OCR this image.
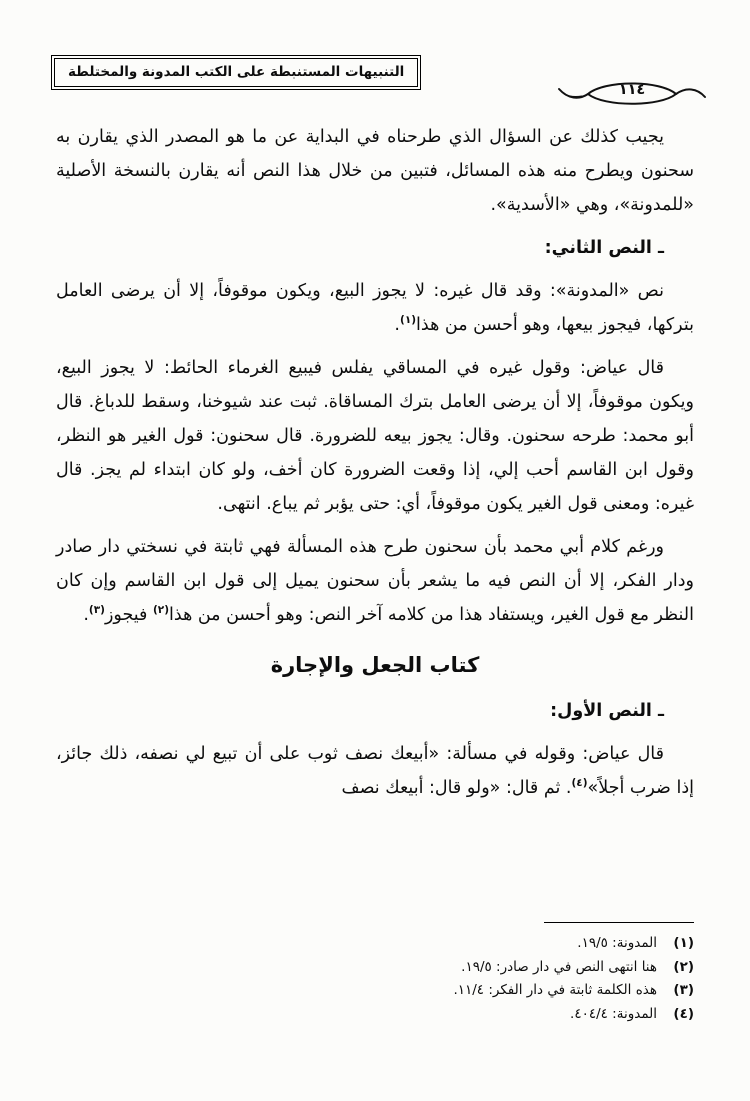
التنبيهات المستنبطة على الكتب المدونة والمختلطة
١١٤

يجيب كذلك عن السؤال الذي طرحناه في البداية عن ما هو المصدر الذي يقارن به سحنون ويطرح منه هذه المسائل، فتبين من خلال هذا النص أنه يقارن بالنسخة الأصلية «للمدونة»، وهي «الأسدية».

ـ النص الثاني:

نص «المدونة»: وقد قال غيره: لا يجوز البيع، ويكون موقوفاً، إلا أن يرضى العامل بتركها، فيجوز بيعها، وهو أحسن من هذا$^{(١)}$.

قال عياض: وقول غيره في المساقي يفلس فيبيع الغرماء الحائط: لا يجوز البيع، ويكون موقوفاً، إلا أن يرضى العامل بترك المساقاة. ثبت عند شيوخنا، وسقط للدباغ. قال أبو محمد: طرحه سحنون. وقال: يجوز بيعه للضرورة. قال سحنون: قول الغير هو النظر، وقول ابن القاسم أحب إلي، إذا وقعت الضرورة كان أخف، ولو كان ابتداء لم يجز. قال غيره: ومعنى قول الغير يكون موقوفاً، أي: حتى يؤبر ثم يباع. انتهى.

ورغم كلام أبي محمد بأن سحنون طرح هذه المسألة فهي ثابتة في نسختي دار صادر ودار الفكر، إلا أن النص فيه ما يشعر بأن سحنون يميل إلى قول ابن القاسم وإن كان النظر مع قول الغير، ويستفاد هذا من كلامه آخر النص: وهو أحسن من هذا$^{(٢)}$ فيجوز$^{(٣)}$.

كتاب الجعل والإجارة

ـ النص الأول:

قال عياض: وقوله في مسألة: «أبيعك نصف ثوب على أن تبيع لي نصفه، ذلك جائز، إذا ضرب أجلاً»$^{(٤)}$. ثم قال: «ولو قال: أبيعك نصف

(١)
المدونة: ١٩/٥.
(٢)
هنا انتهى النص في دار صادر: ١٩/٥.
(٣)
هذه الكلمة ثابتة في دار الفكر: ١١/٤.
(٤)
المدونة: ٤٠٤/٤.
